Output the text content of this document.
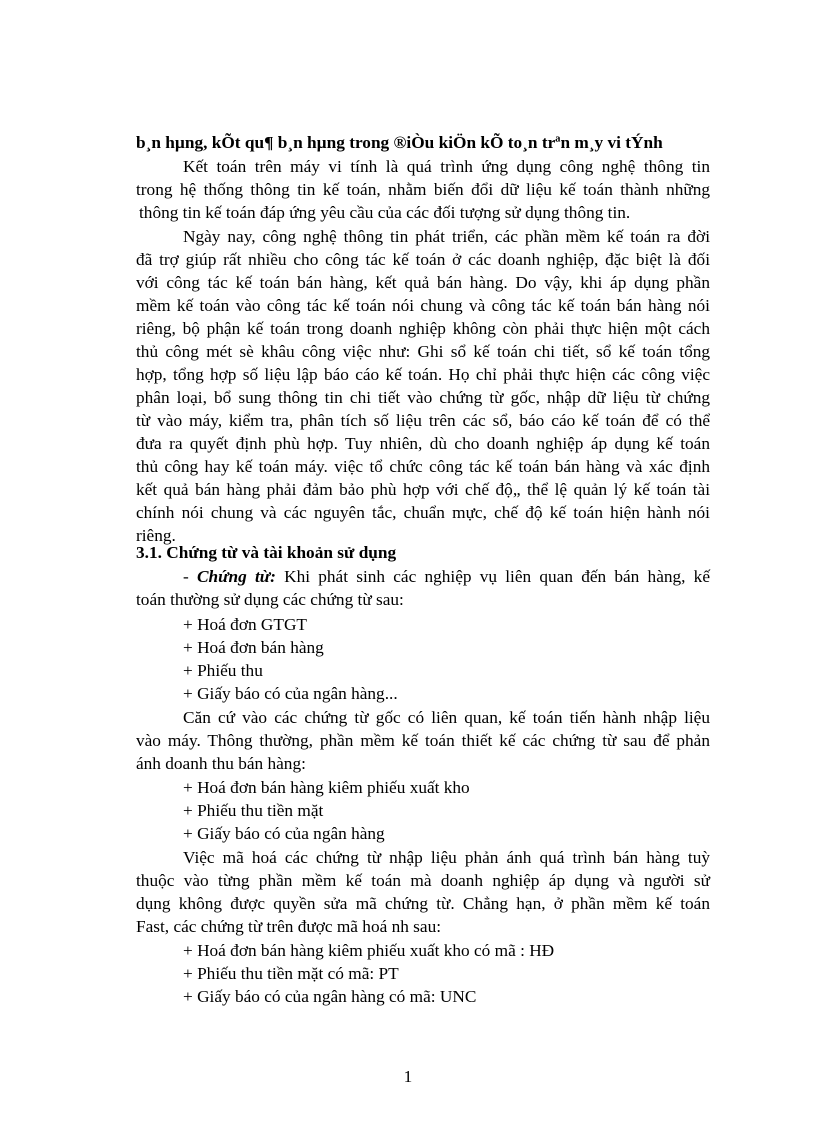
b¸n hµng, kÕt qu¶ b¸n hµng trong ®iÒu kiÖn kÕ to¸n trªn m¸y vi tÝnh
Kết toán trên máy vi tính là quá trình ứng dụng công nghệ thông tin
trong hệ thống thông tin kế toán, nhằm biến đổi dữ liệu kế toán thành những
thông tin kế toán đáp ứng yêu cầu của các đối tượng sử dụng thông tin.
Ngày nay, công nghệ thông tin phát triển, các phần mềm kế toán ra đời
đã trợ giúp rất nhiều cho công tác kế toán ở các doanh nghiệp, đặc biệt là đối
với công tác kế toán bán hàng, kết quả bán hàng. Do vậy, khi áp dụng phần
mềm kế toán vào công tác kế toán nói chung và công tác kế toán bán hàng nói
riêng, bộ phận kế toán trong doanh nghiệp không còn phải thực hiện một cách
thủ công mét sè khâu công việc như: Ghi sổ kế toán chi tiết, sổ kế toán tổng
hợp, tổng hợp số liệu lập báo cáo kế toán. Họ chỉ phải thực hiện các công việc
phân loại, bổ sung thông tin chi tiết vào chứng từ gốc, nhập dữ liệu từ chứng
từ vào máy, kiểm tra, phân tích số liệu trên các sổ, báo cáo kế toán để có thể
đưa ra quyết định phù hợp. Tuy nhiên, dù cho doanh nghiệp áp dụng kế toán
thủ công hay kế toán máy. việc tổ chức công tác kế toán bán hàng và xác định
kết quả bán hàng phải đảm bảo phù hợp với chế độ„ thể lệ quản lý kế toán tài
chính nói chung và các nguyên tắc, chuẩn mực, chế độ kế toán hiện hành nói
riêng.
3.1. Chứng từ và tài khoản sử dụng
- Chứng từ: Khi phát sinh các nghiệp vụ liên quan đến bán hàng, kế
toán thường sử dụng các chứng từ sau:
+ Hoá đơn GTGT
+ Hoá đơn bán hàng
+ Phiếu thu
+ Giấy báo có của ngân hàng...
Căn cứ vào các chứng từ gốc có liên quan, kế toán tiến hành nhập liệu
vào máy. Thông thường, phần mềm kế toán thiết kế các chứng từ sau để phản
ánh doanh thu bán hàng:
+ Hoá đơn bán hàng kiêm phiếu xuất kho
+ Phiếu thu tiền mặt
+ Giấy báo có của ngân hàng
Việc mã hoá các chứng từ nhập liệu phản ánh quá trình bán hàng tuỳ
thuộc vào từng phần mềm kế toán mà doanh nghiệp áp dụng và người sử
dụng không được quyền sửa mã chứng từ. Chẳng hạn, ở phần mềm kế toán
Fast, các chứng từ trên được mã hoá nh sau:
+ Hoá đơn bán hàng kiêm phiếu xuất kho có mã : HĐ
+ Phiếu thu tiền mặt có mã: PT
+ Giấy báo có của ngân hàng có mã: UNC
1
